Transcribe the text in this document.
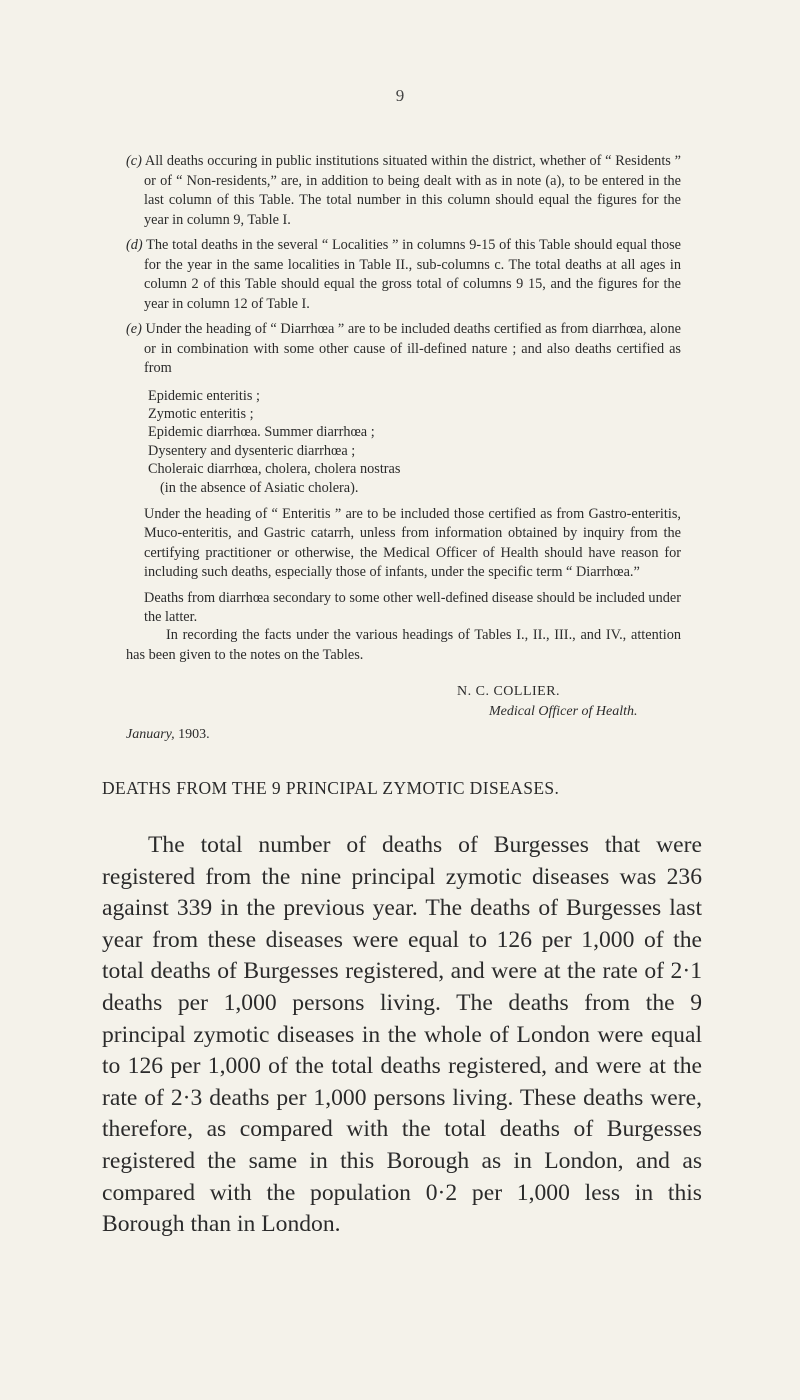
9

(c) All deaths occuring in public institutions situated within the district, whether of “ Residents ” or of “ Non-residents,” are, in addition to being dealt with as in note (a), to be entered in the last column of this Table. The total number in this column should equal the figures for the year in column 9, Table I.

(d) The total deaths in the several “ Localities ” in columns 9-15 of this Table should equal those for the year in the same localities in Table II., sub-columns c. The total deaths at all ages in column 2 of this Table should equal the gross total of columns 9 15, and the figures for the year in column 12 of Table I.

(e) Under the heading of “ Diarrhœa ” are to be included deaths certified as from diarrhœa, alone or in combination with some other cause of ill-defined nature ; and also deaths certified as from

Epidemic enteritis ;
Zymotic enteritis ;
Epidemic diarrhœa. Summer diarrhœa ;
Dysentery and dysenteric diarrhœa ;
Choleraic diarrhœa, cholera, cholera nostras
(in the absence of Asiatic cholera).

Under the heading of “ Enteritis ” are to be included those certified as from Gastro-enteritis, Muco-enteritis, and Gastric catarrh, unless from information obtained by inquiry from the certifying practitioner or otherwise, the Medical Officer of Health should have reason for including such deaths, especially those of infants, under the specific term “ Diarrhœa.”

Deaths from diarrhœa secondary to some other well-defined disease should be included under the latter.

In recording the facts under the various headings of Tables I., II., III., and IV., attention has been given to the notes on the Tables.

N. C. COLLIER.
Medical Officer of Health.
January, 1903.
DEATHS FROM THE 9 PRINCIPAL ZYMOTIC DISEASES.

The total number of deaths of Burgesses that were registered from the nine principal zymotic diseases was 236 against 339 in the previous year. The deaths of Burgesses last year from these diseases were equal to 126 per 1,000 of the total deaths of Burgesses registered, and were at the rate of 2·1 deaths per 1,000 persons living. The deaths from the 9 principal zymotic diseases in the whole of London were equal to 126 per 1,000 of the total deaths registered, and were at the rate of 2·3 deaths per 1,000 persons living. These deaths were, therefore, as compared with the total deaths of Burgesses registered the same in this Borough as in London, and as compared with the population 0·2 per 1,000 less in this Borough than in London.
